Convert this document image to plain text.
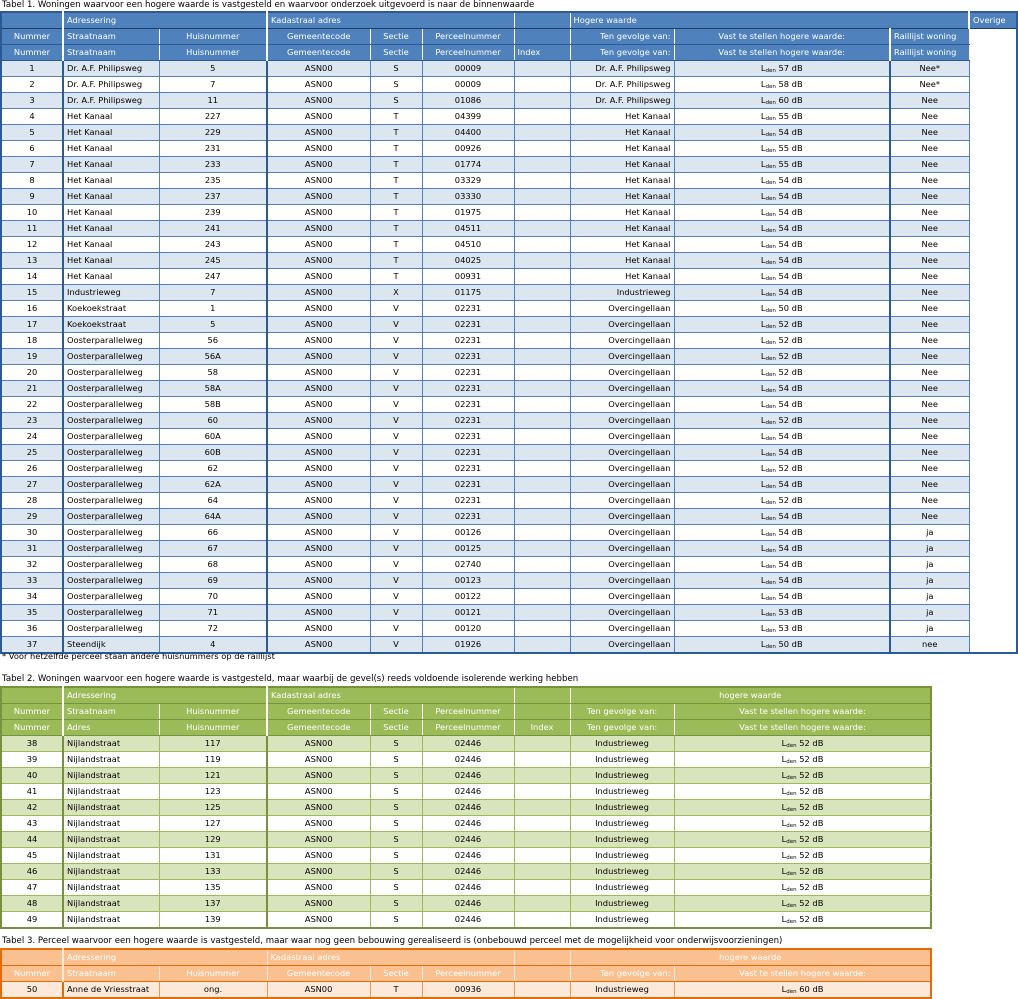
Tabel 1. Woningen waarvoor een hogere waarde is vastgesteld en waarvoor onderzoek uitgevoerd is naar de binnenwaarde
	Adressering		Kadastraal adres				Hogere waarde			Overige
Nummer	Straatnaam	Huisnummer	Gemeentecode	Sectie	Perceelnummer		Ten gevolge van:	Vast te stellen hogere waarde:	Raillijst woning	
Nummer	Straatnaam	Huisnummer	Gemeentecode	Sectie	Perceelnummer	Index	Ten gevolge van:	Vast te stellen hogere waarde:	Raillijst woning	
1	Dr. A.F. Philipsweg	5	ASN00	S	00009		Dr. A.F. Philipsweg	$L_{den}$ 57 dB	Nee*	
2	Dr. A.F. Philipsweg	7	ASN00	S	00009		Dr. A.F. Philipsweg	$L_{den}$ 58 dB	Nee*	
3	Dr. A.F. Philipsweg	11	ASN00	S	01086		Dr. A.F. Philipsweg	$L_{den}$ 60 dB	Nee	
4	Het Kanaal	227	ASN00	T	04399		Het Kanaal	$L_{den}$ 55 dB	Nee	
5	Het Kanaal	229	ASN00	T	04400		Het Kanaal	$L_{den}$ 54 dB	Nee	
6	Het Kanaal	231	ASN00	T	00926		Het Kanaal	$L_{den}$ 55 dB	Nee	
7	Het Kanaal	233	ASN00	T	01774		Het Kanaal	$L_{den}$ 55 dB	Nee	
8	Het Kanaal	235	ASN00	T	03329		Het Kanaal	$L_{den}$ 54 dB	Nee	
9	Het Kanaal	237	ASN00	T	03330		Het Kanaal	$L_{den}$ 54 dB	Nee	
10	Het Kanaal	239	ASN00	T	01975		Het Kanaal	$L_{den}$ 54 dB	Nee	
11	Het Kanaal	241	ASN00	T	04511		Het Kanaal	$L_{den}$ 54 dB	Nee	
12	Het Kanaal	243	ASN00	T	04510		Het Kanaal	$L_{den}$ 54 dB	Nee	
13	Het Kanaal	245	ASN00	T	04025		Het Kanaal	$L_{den}$ 54 dB	Nee	
14	Het Kanaal	247	ASN00	T	00931		Het Kanaal	$L_{den}$ 54 dB	Nee	
15	Industrieweg	7	ASN00	X	01175		Industrieweg	$L_{den}$ 54 dB	Nee	
16	Koekoekstraat	1	ASN00	V	02231		Overcingellaan	$L_{den}$ 50 dB	Nee	
17	Koekoekstraat	5	ASN00	V	02231		Overcingellaan	$L_{den}$ 52 dB	Nee	
18	Oosterparallelweg	56	ASN00	V	02231		Overcingellaan	$L_{den}$ 52 dB	Nee	
19	Oosterparallelweg	56A	ASN00	V	02231		Overcingellaan	$L_{den}$ 52 dB	Nee	
20	Oosterparallelweg	58	ASN00	V	02231		Overcingellaan	$L_{den}$ 52 dB	Nee	
21	Oosterparallelweg	58A	ASN00	V	02231		Overcingellaan	$L_{den}$ 54 dB	Nee	
22	Oosterparallelweg	58B	ASN00	V	02231		Overcingellaan	$L_{den}$ 54 dB	Nee	
23	Oosterparallelweg	60	ASN00	V	02231		Overcingellaan	$L_{den}$ 52 dB	Nee	
24	Oosterparallelweg	60A	ASN00	V	02231		Overcingellaan	$L_{den}$ 54 dB	Nee	
25	Oosterparallelweg	60B	ASN00	V	02231		Overcingellaan	$L_{den}$ 54 dB	Nee	
26	Oosterparallelweg	62	ASN00	V	02231		Overcingellaan	$L_{den}$ 52 dB	Nee	
27	Oosterparallelweg	62A	ASN00	V	02231		Overcingellaan	$L_{den}$ 54 dB	Nee	
28	Oosterparallelweg	64	ASN00	V	02231		Overcingellaan	$L_{den}$ 52 dB	Nee	
29	Oosterparallelweg	64A	ASN00	V	02231		Overcingellaan	$L_{den}$ 54 dB	Nee	
30	Oosterparallelweg	66	ASN00	V	00126		Overcingellaan	$L_{den}$ 54 dB	ja	
31	Oosterparallelweg	67	ASN00	V	00125		Overcingellaan	$L_{den}$ 54 dB	ja	
32	Oosterparallelweg	68	ASN00	V	02740		Overcingellaan	$L_{den}$ 54 dB	ja	
33	Oosterparallelweg	69	ASN00	V	00123		Overcingellaan	$L_{den}$ 54 dB	ja	
34	Oosterparallelweg	70	ASN00	V	00122		Overcingellaan	$L_{den}$ 54 dB	ja	
35	Oosterparallelweg	71	ASN00	V	00121		Overcingellaan	$L_{den}$ 53 dB	ja	
36	Oosterparallelweg	72	ASN00	V	00120		Overcingellaan	$L_{den}$ 53 dB	ja	
37	Steendijk	4	ASN00	V	01926		Overcingellaan	$L_{den}$ 50 dB	nee	
* Voor hetzelfde perceel staan andere huisnummers op de raillijst
Tabel 2. Woningen waarvoor een hogere waarde is vastgesteld, maar waarbij de gevel(s) reeds voldoende isolerende werking hebben
	Adressering		Kadastraal adres				hogere waarde	
Nummer	Straatnaam	Huisnummer	Gemeentecode	Sectie	Perceelnummer		Ten gevolge van:	Vast te stellen hogere waarde:
Nummer	Adres	Huisnummer	Gemeentecode	Sectie	Perceelnummer	Index	Ten gevolge van:	Vast te stellen hogere waarde:
38	Nijlandstraat	117	ASN00	S	02446		Industrieweg	$L_{den}$ 52 dB
39	Nijlandstraat	119	ASN00	S	02446		Industrieweg	$L_{den}$ 52 dB
40	Nijlandstraat	121	ASN00	S	02446		Industrieweg	$L_{den}$ 52 dB
41	Nijlandstraat	123	ASN00	S	02446		Industrieweg	$L_{den}$ 52 dB
42	Nijlandstraat	125	ASN00	S	02446		Industrieweg	$L_{den}$ 52 dB
43	Nijlandstraat	127	ASN00	S	02446		Industrieweg	$L_{den}$ 52 dB
44	Nijlandstraat	129	ASN00	S	02446		Industrieweg	$L_{den}$ 52 dB
45	Nijlandstraat	131	ASN00	S	02446		Industrieweg	$L_{den}$ 52 dB
46	Nijlandstraat	133	ASN00	S	02446		Industrieweg	$L_{den}$ 52 dB
47	Nijlandstraat	135	ASN00	S	02446		Industrieweg	$L_{den}$ 52 dB
48	Nijlandstraat	137	ASN00	S	02446		Industrieweg	$L_{den}$ 52 dB
49	Nijlandstraat	139	ASN00	S	02446		Industrieweg	$L_{den}$ 52 dB
Tabel 3. Perceel waarvoor een hogere waarde is vastgesteld, maar waar nog geen bebouwing gerealiseerd is (onbebouwd perceel met de mogelijkheid voor onderwijsvoorzieningen)
	Adressering		Kadastraal adres				hogere waarde	
Nummer	Straatnaam	Huisnummer	Gemeentecode	Sectie	Perceelnummer		Ten gevolge van:	Vast te stellen hogere waarde:
50	Anne de Vriesstraat	ong.	ASN00	T	00936		Industrieweg	$L_{den}$ 60 dB
